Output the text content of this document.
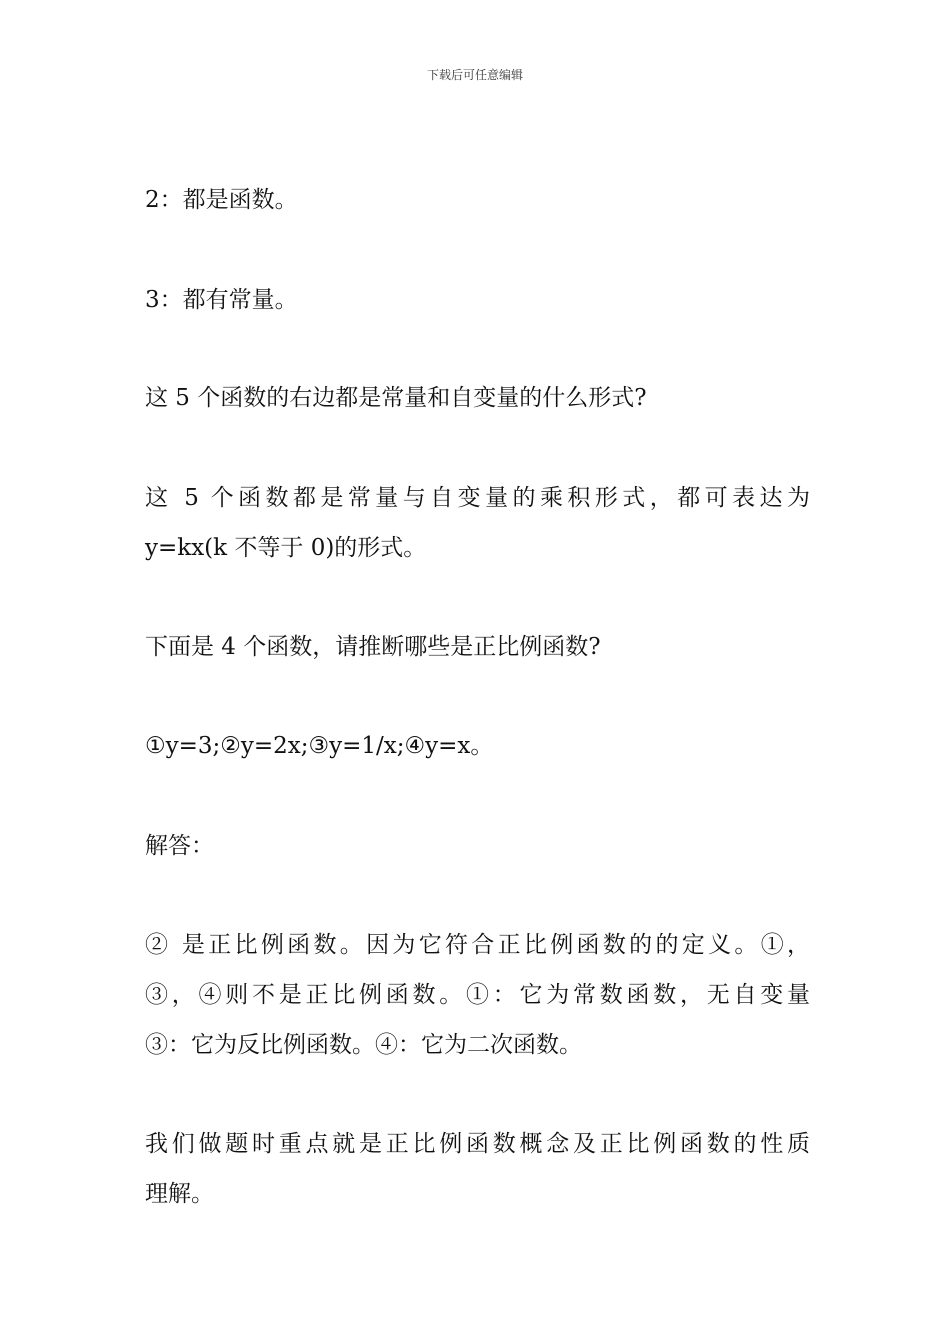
下载后可任意编辑
2：都是函数。
3：都有常量。
这 5 个函数的右边都是常量和自变量的什么形式?
这 5 个函数都是常量与自变量的乘积形式，都可表达为
y=kx(k 不等于 0)的形式。
下面是 4 个函数，请推断哪些是正比例函数?
①y=3;②y=2x;③y=1/x;④y=x。
解答：
② 是正比例函数。因为它符合正比例函数的的定义。①，
③，④则不是正比例函数。①：它为常数函数，无自变量
③：它为反比例函数。④：它为二次函数。
我们做题时重点就是正比例函数概念及正比例函数的性质
理解。
